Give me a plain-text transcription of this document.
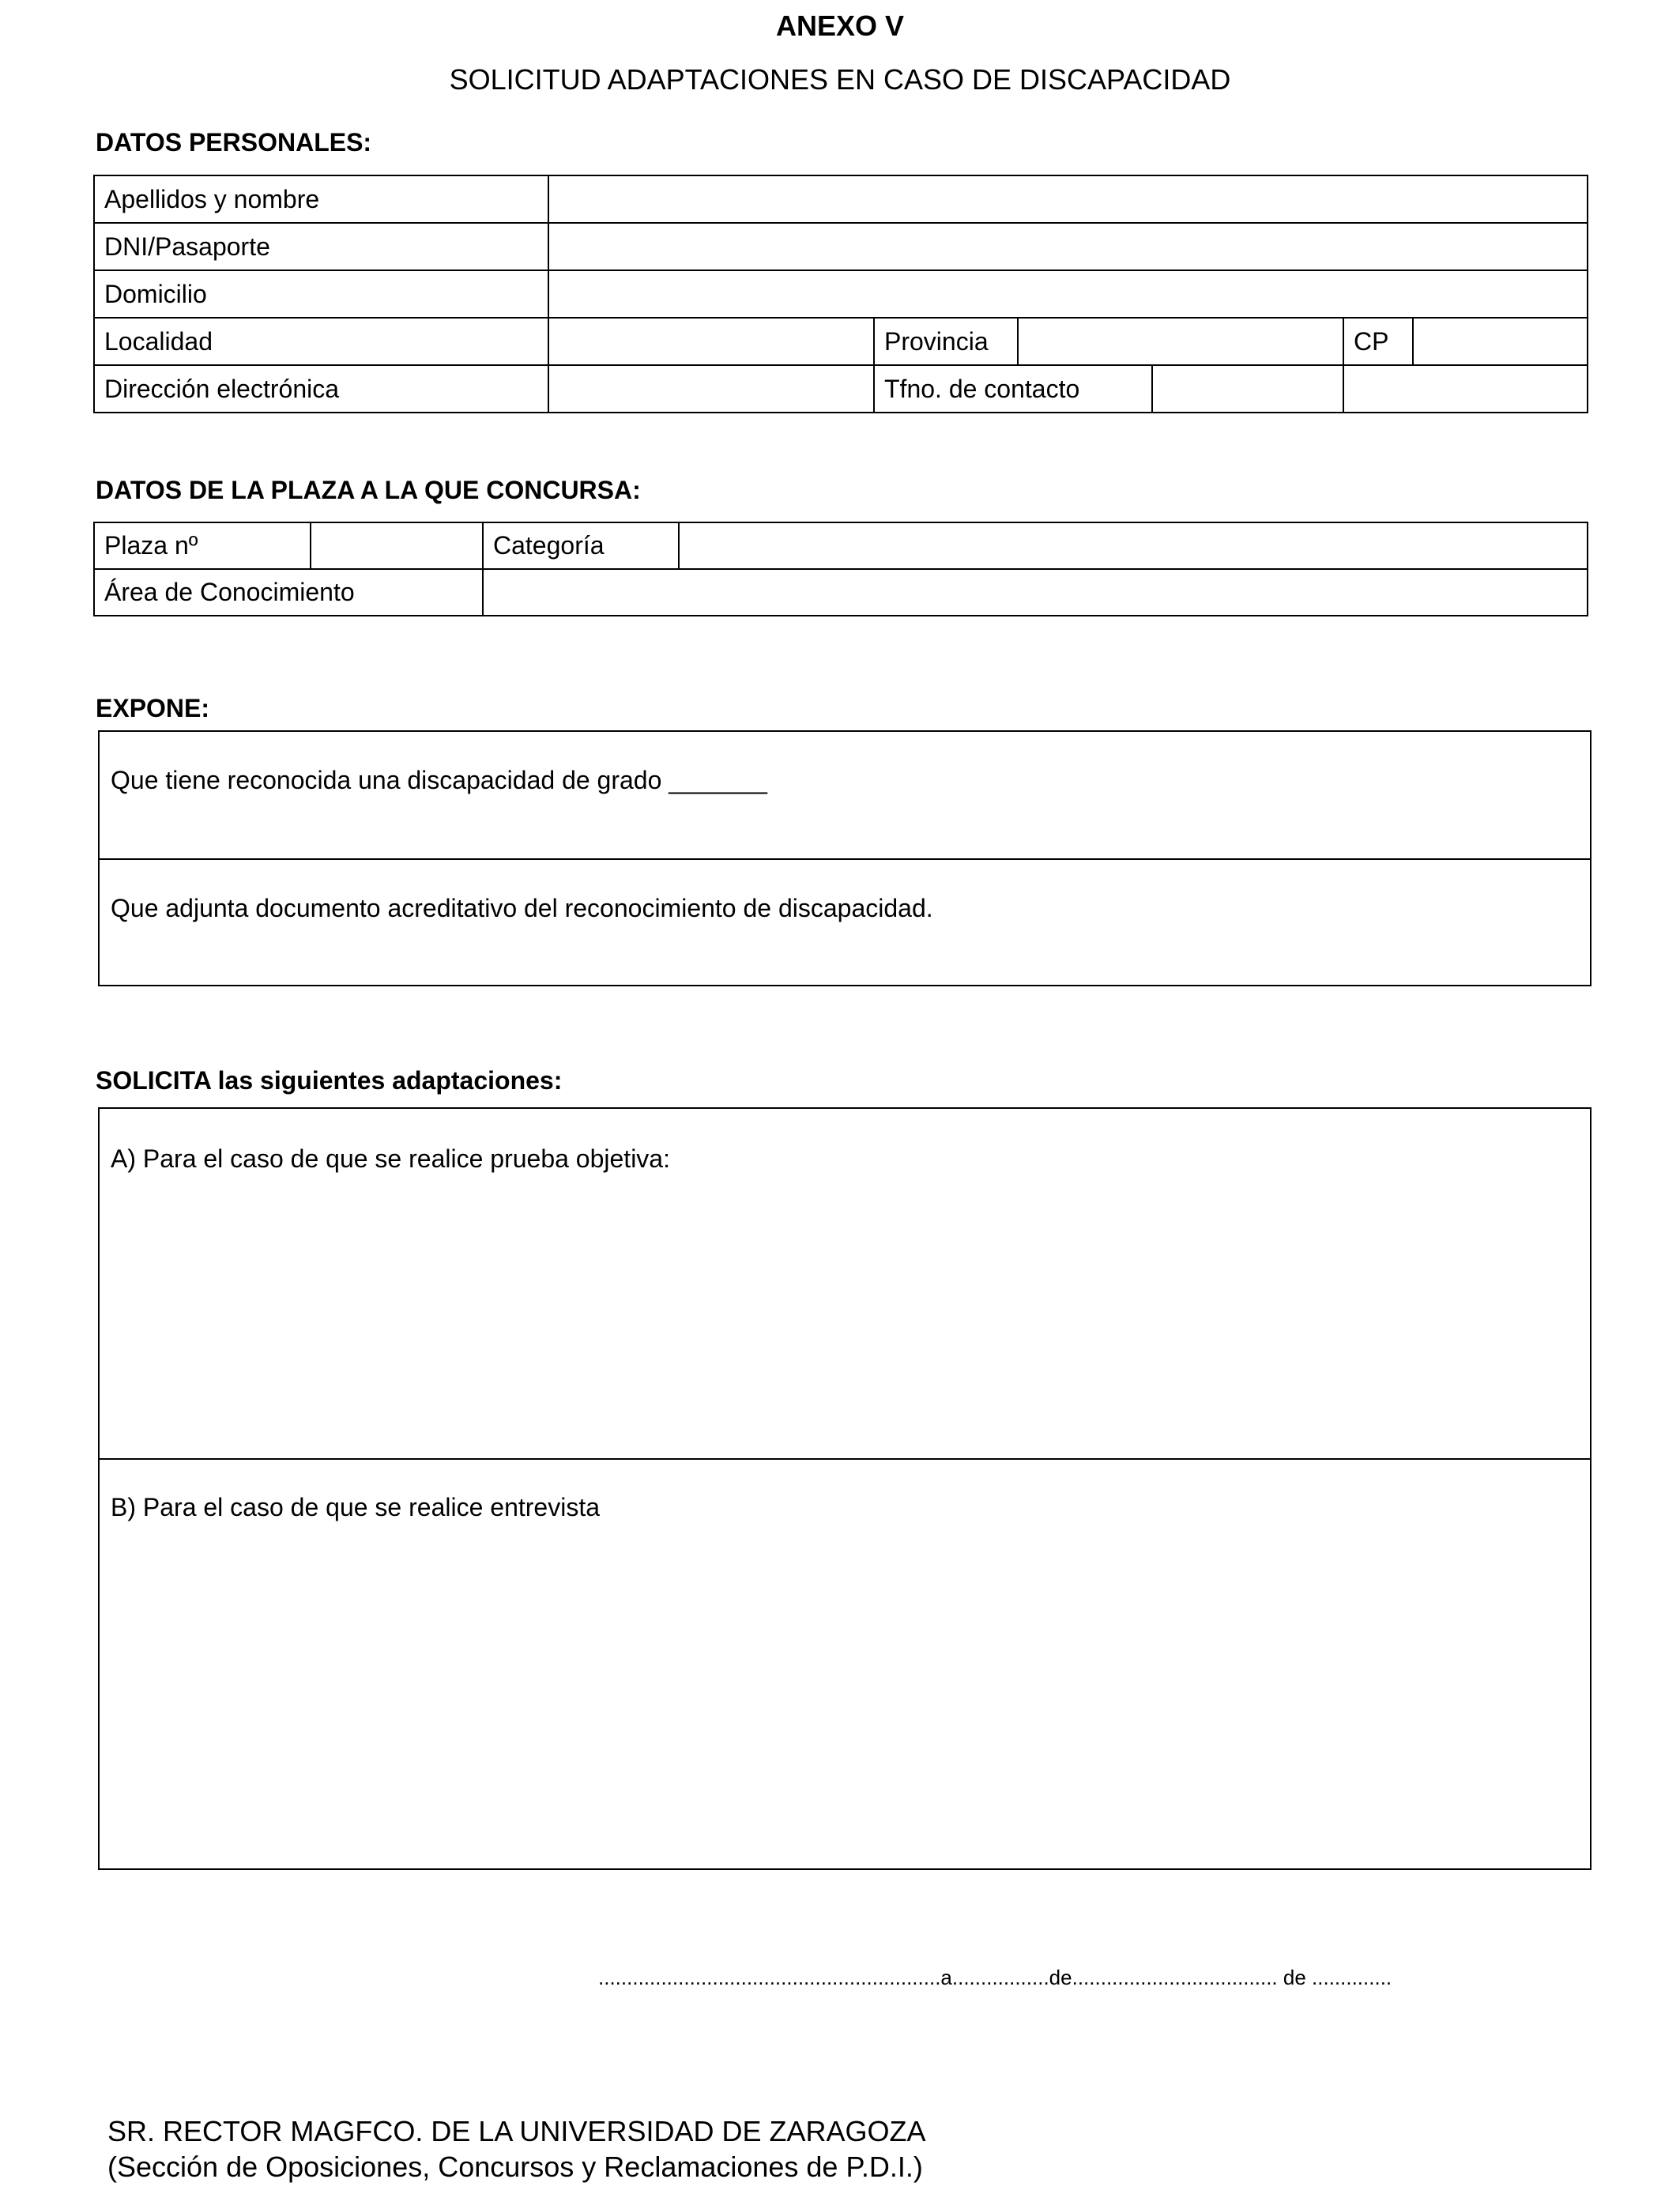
ANEXO V
SOLICITUD ADAPTACIONES EN CASO DE DISCAPACIDAD
DATOS PERSONALES:
Apellidos y nombre					
DNI/Pasaporte					
Domicilio					
Localidad		Provincia		CP	
Dirección electrónica		Tfno. de contacto			

DATOS DE LA PLAZA A LA QUE CONCURSA:
Plaza nº		Categoría	
Área de Conocimiento			
EXPONE:
Que tiene reconocida una discapacidad de grado _______
Que adjunta documento acreditativo del reconocimiento de discapacidad.
SOLICITA las siguientes adaptaciones:
A) Para el caso de que se realice prueba objetiva:
B) Para el caso de que se realice entrevista
............................................................a.................de.................................... de ..............
SR. RECTOR MAGFCO. DE LA UNIVERSIDAD DE ZARAGOZA
(Sección de Oposiciones, Concursos y Reclamaciones de P.D.I.)
